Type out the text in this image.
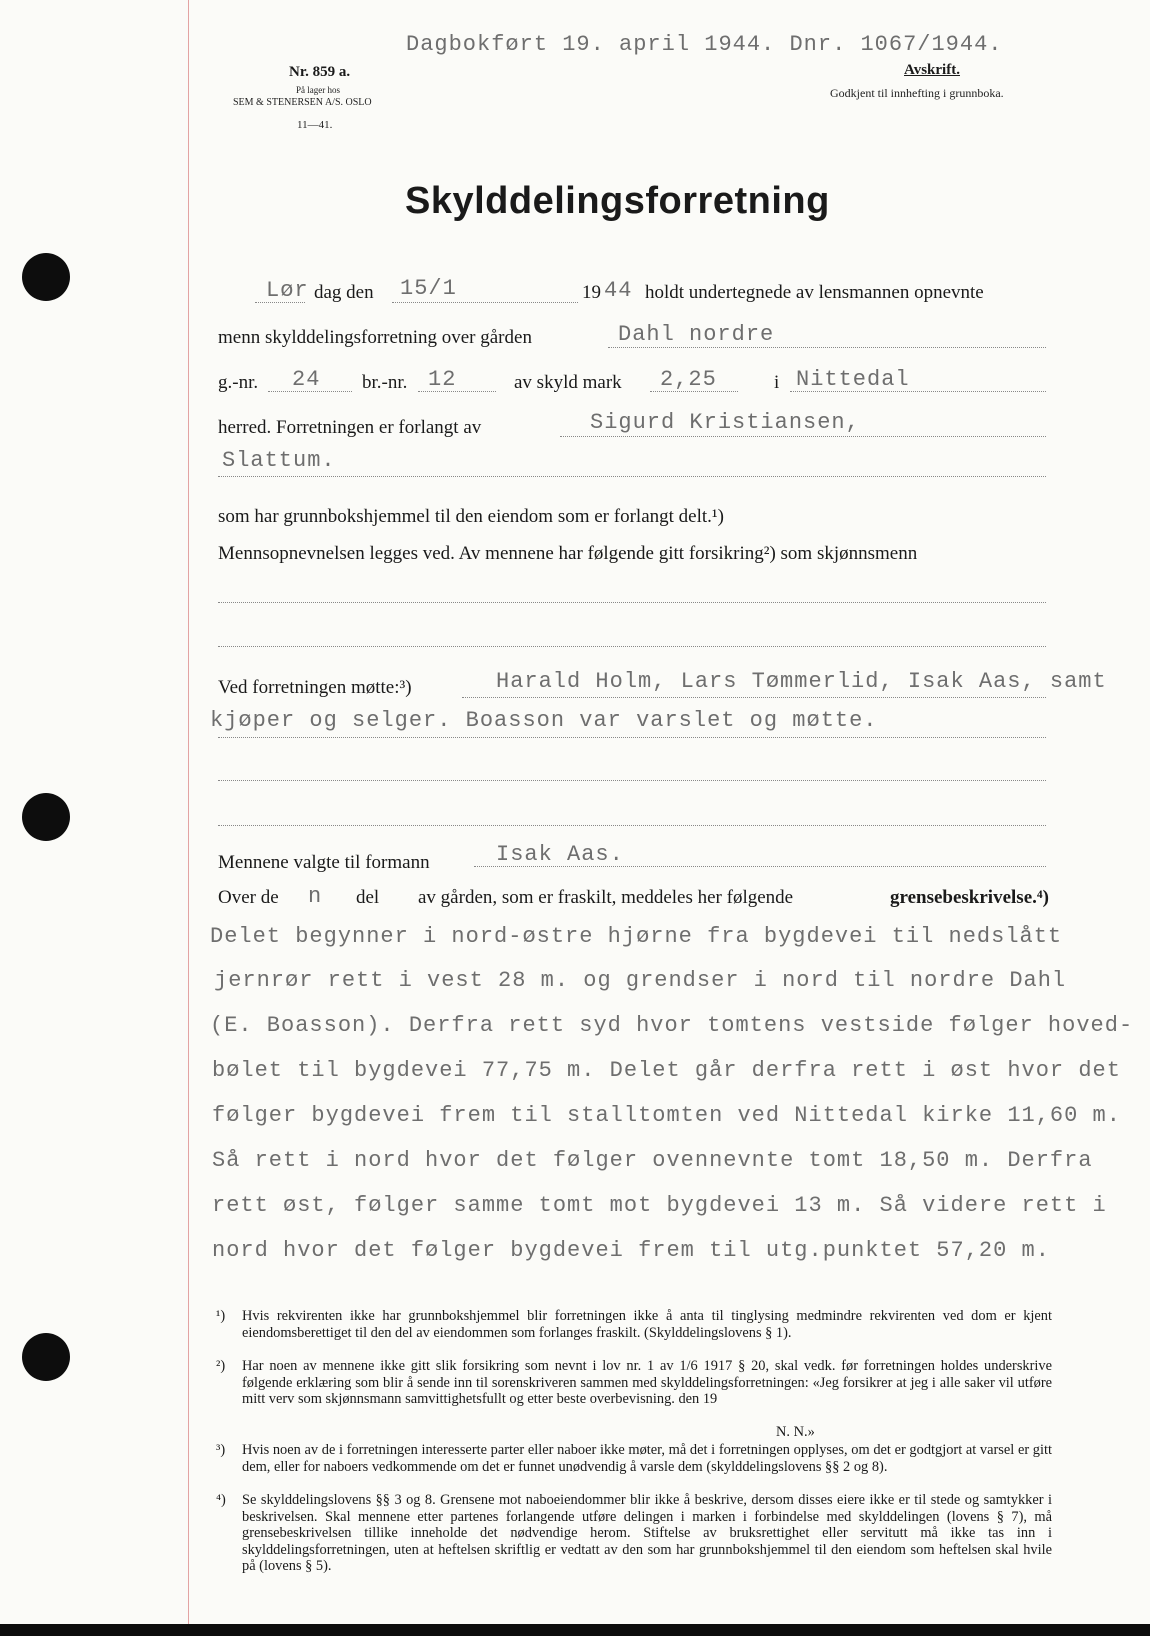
Dagbokført 19. april 1944. Dnr. 1067/1944.
Nr. 859 a.
På lager hos
SEM & STENERSEN A/S. OSLO
11—41.
Avskrift.
Godkjent til innhefting i grunnboka.
Skylddelingsforretning
Lør dag den 15/1	19 44 holdt undertegnede av lensmannen opnevnte
menn skylddelingsforretning over gården	Dahl nordre
g.-nr. 24 br.-nr. 12	av skyld mark 2,25	i Nittedal
herred. Forretningen er forlangt av	Sigurd Kristiansen,
Slattum.
som har grunnbokshjemmel til den eiendom som er forlangt delt.¹)
Mennsopnevnelsen legges ved. Av mennene har følgende gitt forsikring²) som skjønnsmenn
Ved forretningen møtte:³)	Harald Holm, Lars Tømmerlid, Isak Aas, samt
kjøper og selger. Boasson var varslet og møtte.
Mennene valgte til formann	Isak Aas.
Over de n del av gården, som er fraskilt, meddeles her følgende	grensebeskrivelse.⁴)
Delet begynner i nord-østre hjørne fra bygdevei til nedslått
jernrør rett i vest 28 m. og grendser i nord til nordre Dahl
(E. Boasson). Derfra rett syd hvor tomtens vestside følger hoved-
bølet til bygdevei 77,75 m. Delet går derfra rett i øst hvor det
følger bygdevei frem til stalltomten ved Nittedal kirke 11,60 m.
Så rett i nord hvor det følger ovennevnte tomt 18,50 m. Derfra
rett øst, følger samme tomt mot bygdevei 13 m. Så videre rett i
nord hvor det følger bygdevei frem til utg.punktet 57,20 m.
¹) Hvis rekvirenten ikke har grunnbokshjemmel blir forretningen ikke å anta til tinglysing medmindre rekvirenten ved dom er kjent eiendomsberettiget til den del av eiendommen som forlanges fraskilt. (Skylddelingslovens § 1).
²) Har noen av mennene ikke gitt slik forsikring som nevnt i lov nr. 1 av 1/6 1917 § 20, skal vedk. før forretningen holdes underskrive følgende erklæring som blir å sende inn til sorenskriveren sammen med skylddelingsforretningen: «Jeg forsikrer at jeg i alle saker vil utføre mitt verv som skjønnsmann samvittighetsfullt og etter beste overbevisning. den 19
N. N.»
³) Hvis noen av de i forretningen interesserte parter eller naboer ikke møter, må det i forretningen opplyses, om det er godtgjort at varsel er gitt dem, eller for naboers vedkommende om det er funnet unødvendig å varsle dem (skylddelingslovens §§ 2 og 8).
⁴) Se skylddelingslovens §§ 3 og 8. Grensene mot naboeiendommer blir ikke å beskrive, dersom disses eiere ikke er til stede og samtykker i beskrivelsen. Skal mennene etter partenes forlangende utføre delingen i marken i forbindelse med skylddelingen (lovens § 7), må grensebeskrivelsen tillike inneholde det nødvendige herom. Stiftelse av bruksrettighet eller servitutt må ikke tas inn i skylddelingsforretningen, uten at heftelsen skriftlig er vedtatt av den som har grunnbokshjemmel til den eiendom som heftelsen skal hvile på (lovens § 5).
